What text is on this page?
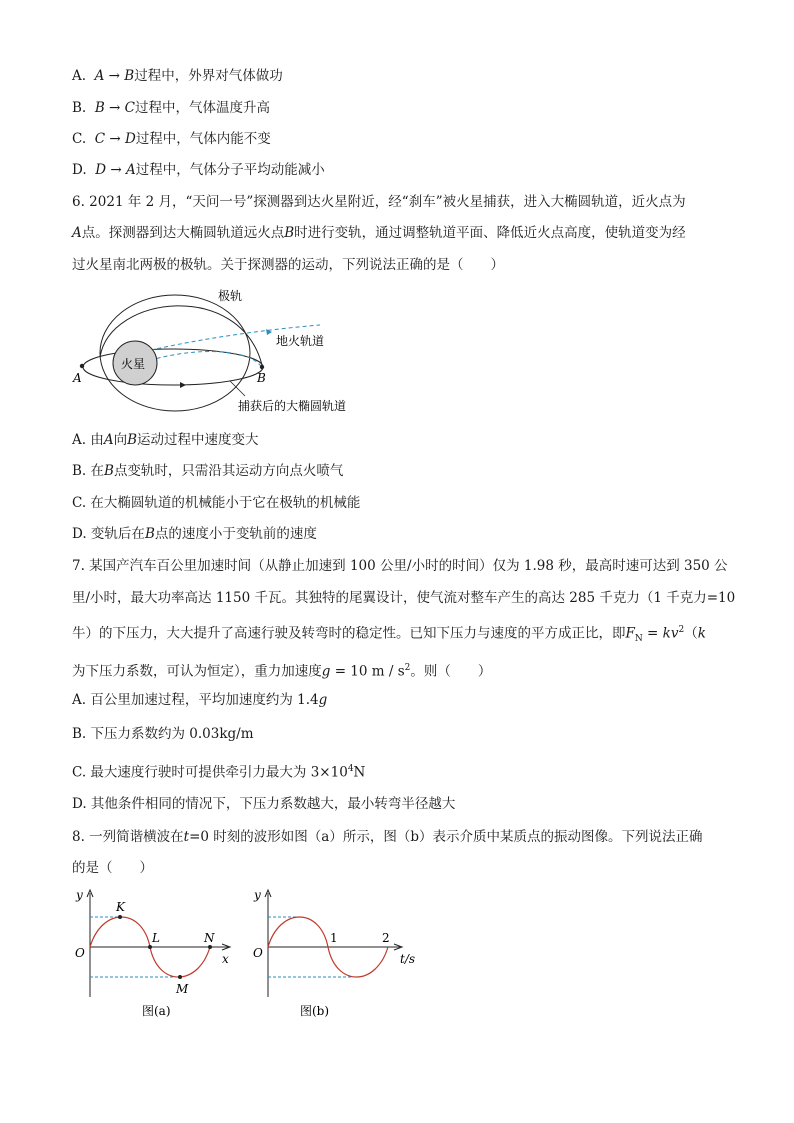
A. A → B过程中，外界对气体做功
B. B → C过程中，气体温度升高
C. C → D过程中，气体内能不变
D. D → A过程中，气体分子平均动能减小
6. 2021 年 2 月，“天问一号”探测器到达火星附近，经“刹车”被火星捕获，进入大椭圆轨道，近火点为
A点。探测器到达大椭圆轨道远火点B时进行变轨，通过调整轨道平面、降低近火点高度，使轨道变为经
过火星南北两极的极轨。关于探测器的运动，下列说法正确的是（　　）
火星
A	B
极轨
地火轨道
捕获后的大椭圆轨道
A. 由A向B运动过程中速度变大
B. 在B点变轨时，只需沿其运动方向点火喷气
C. 在大椭圆轨道的机械能小于它在极轨的机械能
D. 变轨后在B点的速度小于变轨前的速度
7. 某国产汽车百公里加速时间（从静止加速到 100 公里/小时的时间）仅为 1.98 秒，最高时速可达到 350 公
里/小时，最大功率高达 1150 千瓦。其独特的尾翼设计，使气流对整车产生的高达 285 千克力（1 千克力=10
牛）的下压力，大大提升了高速行驶及转弯时的稳定性。已知下压力与速度的平方成正比，即$F_N = kv^2(k$
为下压力系数，可认为恒定），重力加速度g = 10 m / $s^2$。则（　　）
A. 百公里加速过程，平均加速度约为 1.4g
B. 下压力系数约为 0.03kg/m
C. 最大速度行驶时可提供牵引力最大为 $3\times 10^4N$
D. 其他条件相同的情况下，下压力系数越大，最小转弯半径越大
8. 一列简谐横波在t=0 时刻的波形如图（a）所示，图（b）表示介质中某质点的振动图像。下列说法正确
的是（　　）
y
O	x
K
L
M
N
图(a)
y
O
1	2
t/s
图(b)
